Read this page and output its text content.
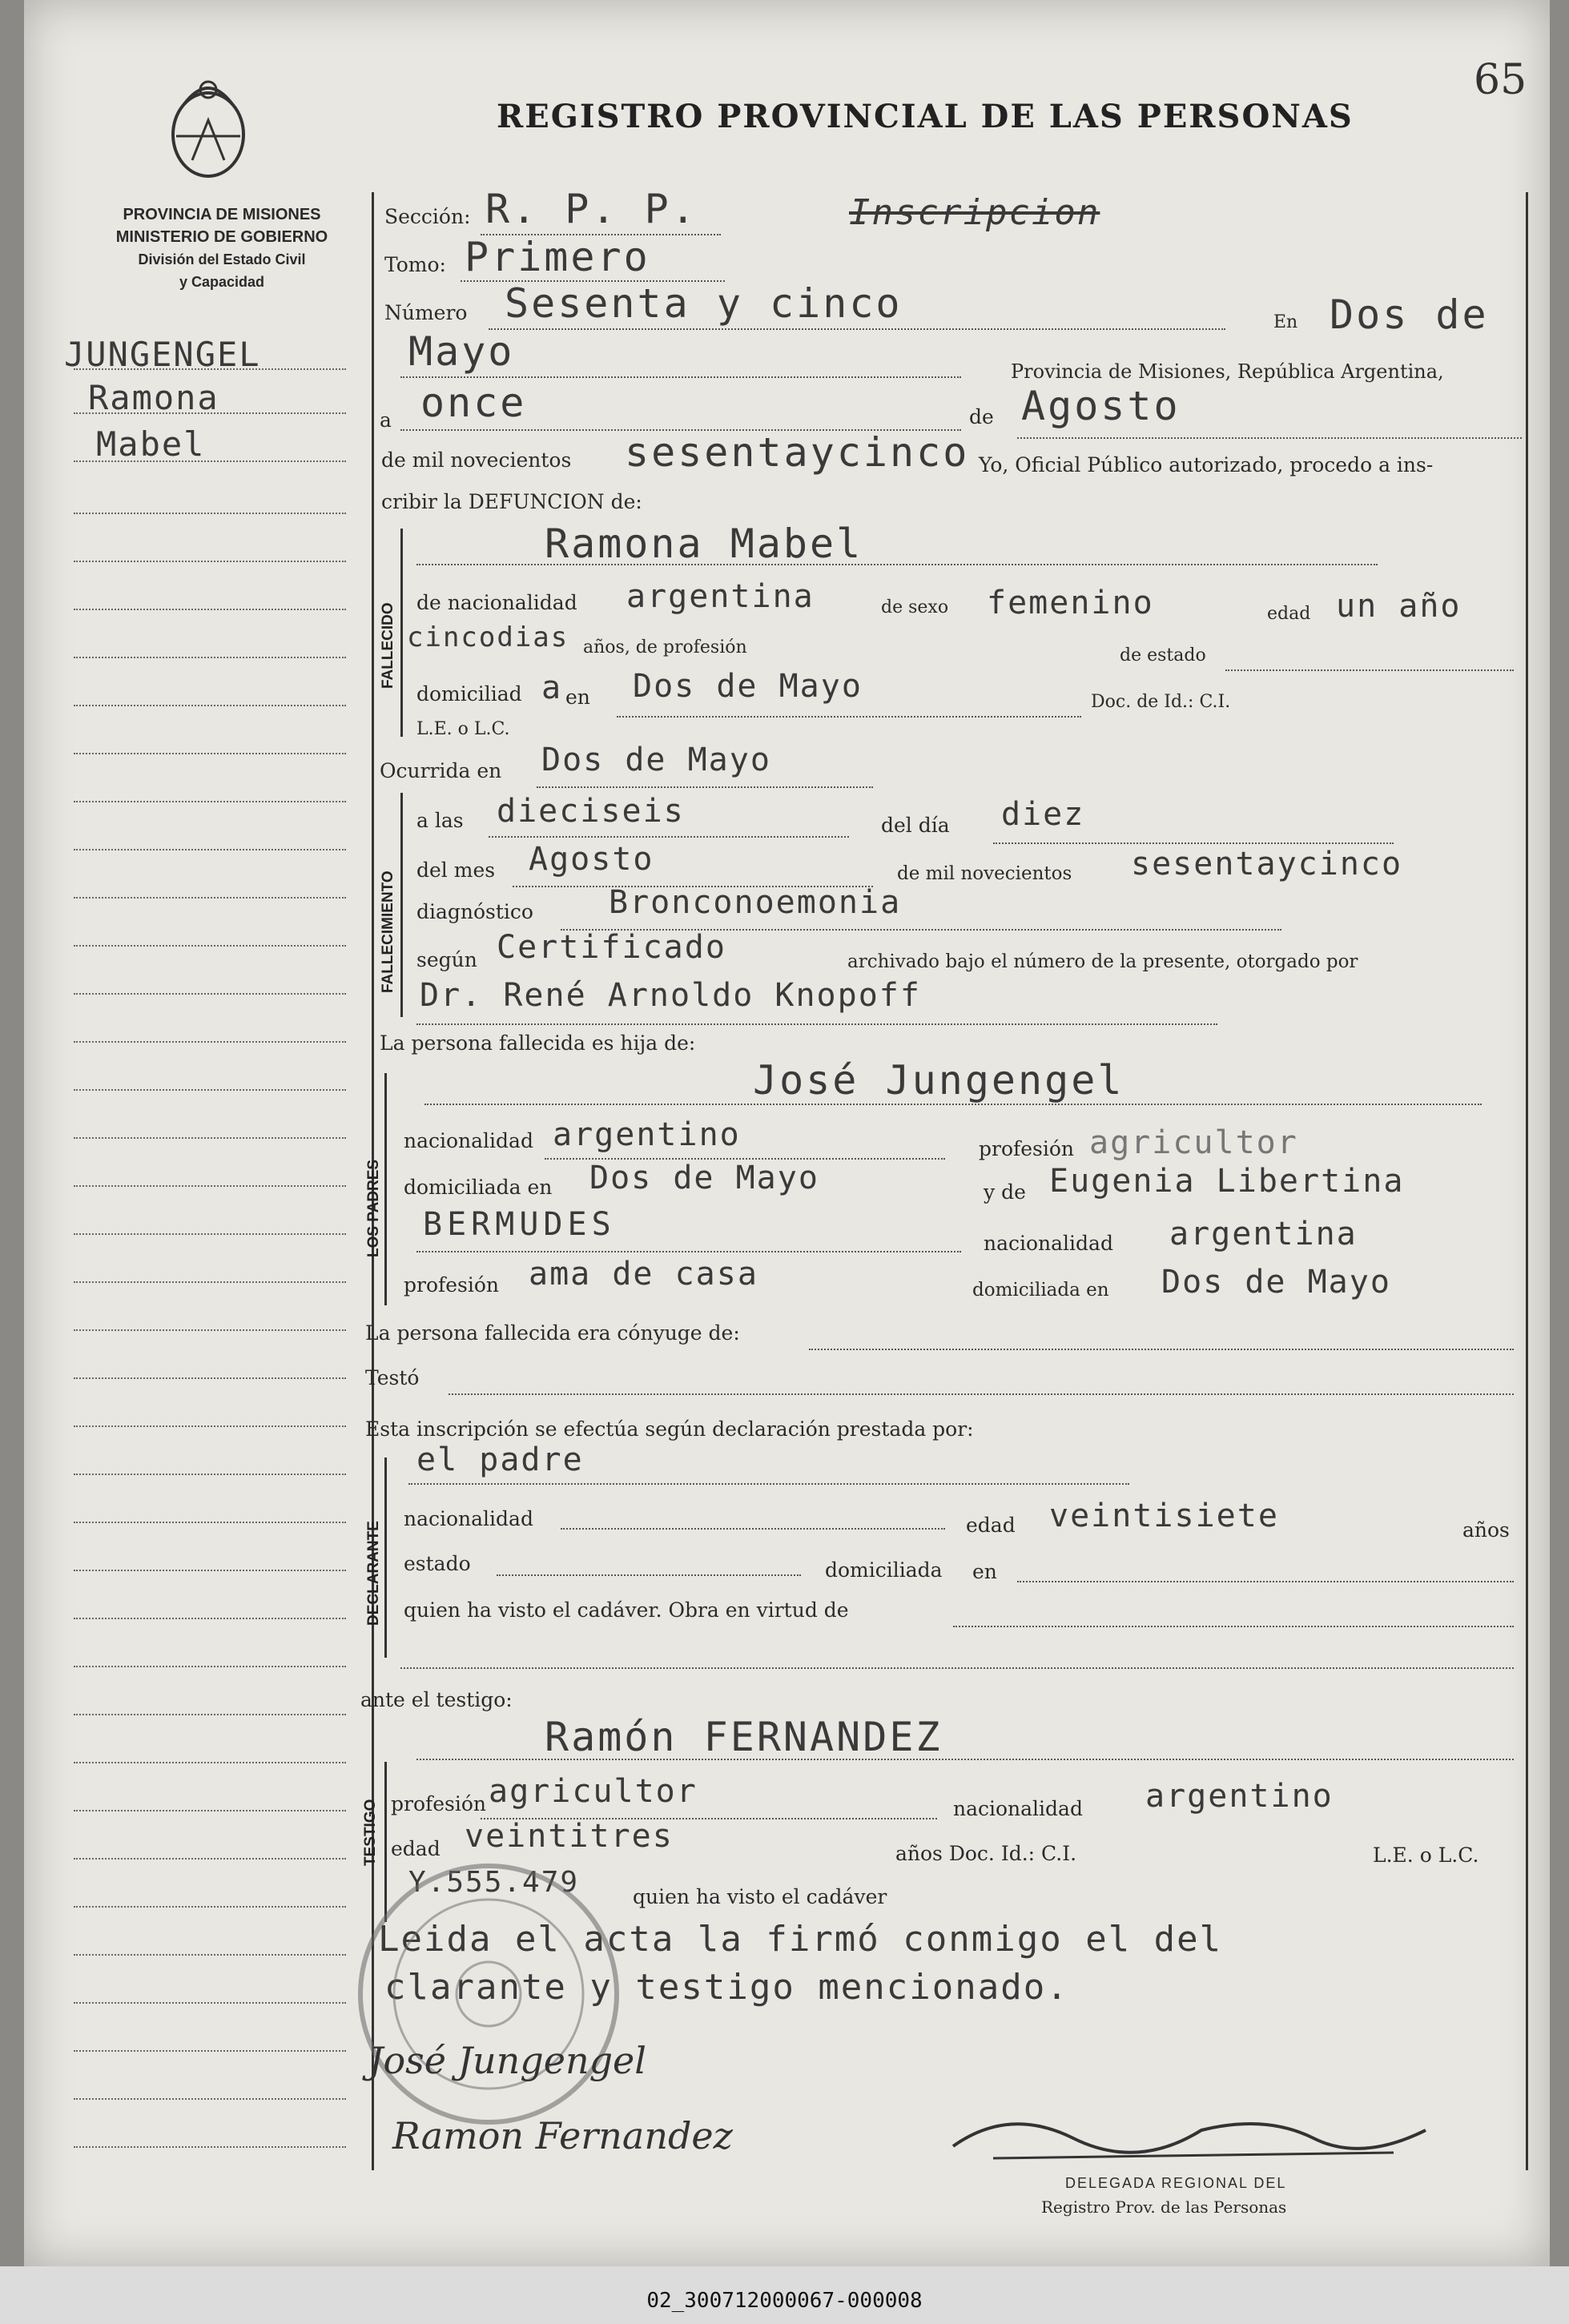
02_300712000067-000008
REGISTRO PROVINCIAL DE LAS PERSONAS
65
Inscripcion
PROVINCIA DE MISIONES
MINISTERIO DE GOBIERNO
División del Estado Civil
y Capacidad
JUNGENGEL
Ramona
Mabel
Sección: R. P. P.
Tomo: Primero
Número Sesenta y cinco	En Dos de
Mayo	Provincia de Misiones, República Argentina,
a once	de Agosto
de mil novecientos sesentaycinco Yo, Oficial Público autorizado, procedo a ins-
cribir la DEFUNCION de:
FALLECIDO
Ramona Mabel
de nacionalidad argentina	de sexo femenino	edad un año
cincodias años, de profesión	de estado
domiciliad a en Dos de Mayo	Doc. de Id.: C.I.
L.E. o L.C.
Ocurrida en Dos de Mayo
FALLECIMIENTO
a las dieciseis	del día diez
del mes Agosto	de mil novecientos sesentaycinco
diagnóstico Bronconoemonia
según Certificado	archivado bajo el número de la presente, otorgado por
Dr. René Arnoldo Knopoff
La persona fallecida es hija de:
LOS PADRES
José Jungengel
nacionalidad argentino	profesión agricultor
domiciliada en Dos de Mayo	y de Eugenia Libertina
BERMUDES
nacionalidad argentina
profesión ama de casa	domiciliada en Dos de Mayo
La persona fallecida era cónyuge de:
Testó
Esta inscripción se efectúa según declaración prestada por:
DECLARANTE
el padre
nacionalidad	edad veintisiete	años
estado	domiciliada en
quien ha visto el cadáver. Obra en virtud de
ante el testigo:
Ramón FERNANDEZ
TESTIGO profesión agricultor	nacionalidad argentino
edad veintitres	años Doc. Id.: C.I.	L.E. o L.C.
Y.555.479	quien ha visto el cadáver
Leida el acta la firmó conmigo el del
clarante y testigo mencionado.
José Jungengel
Ramon Fernandez
DELEGADA REGIONAL DEL
Registro Prov. de las Personas
